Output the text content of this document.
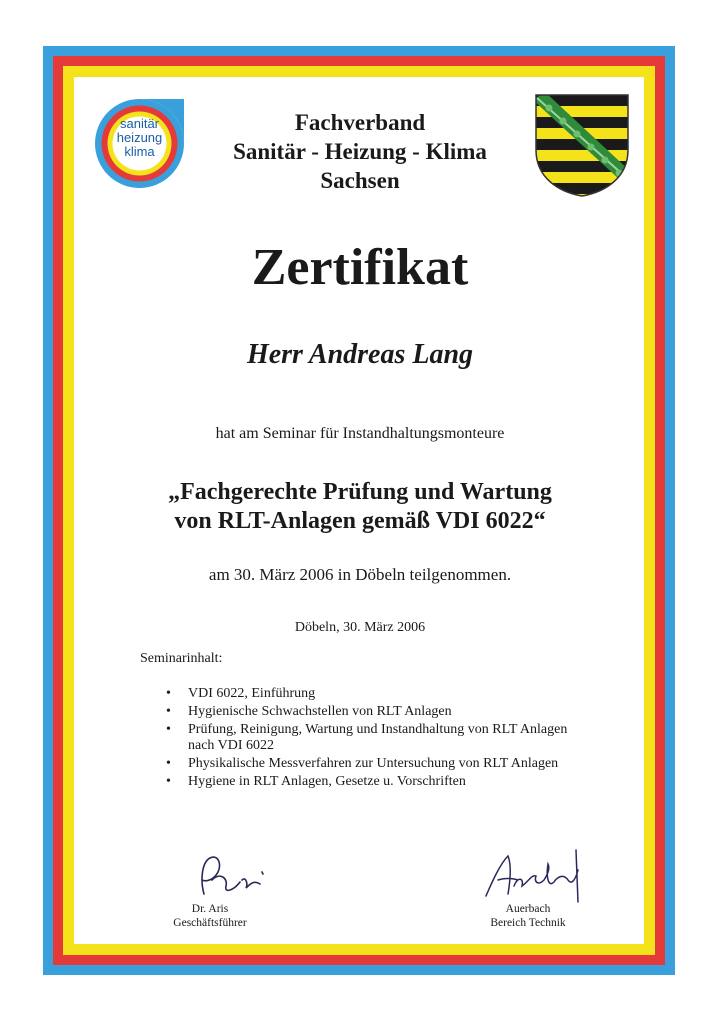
sanitär
heizung
klima
Fachverband
Sanitär - Heizung - Klima
Sachsen
Zertifikat
Herr Andreas Lang
hat am Seminar für Instandhaltungsmonteure
„Fachgerechte Prüfung und Wartung
von RLT-Anlagen gemäß VDI 6022“
am 30. März 2006 in Döbeln teilgenommen.
Döbeln, 30. März 2006
Seminarinhalt:
• VDI 6022, Einführung
• Hygienische Schwachstellen von RLT Anlagen
• Prüfung, Reinigung, Wartung und Instandhaltung von RLT Anlagen nach VDI 6022
• Physikalische Messverfahren zur Untersuchung von RLT Anlagen
• Hygiene in RLT Anlagen, Gesetze u. Vorschriften
Dr. Aris
Geschäftsführer
Auerbach
Bereich Technik
